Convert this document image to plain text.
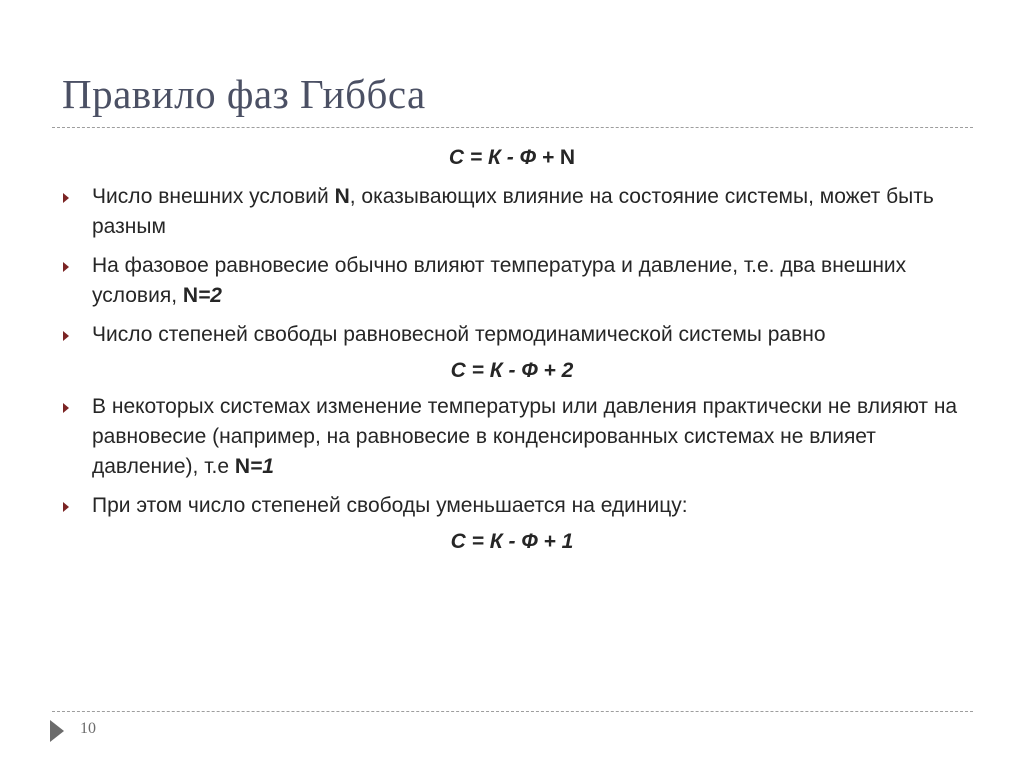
Правило фаз Гиббса
С = К - Ф + N
Число внешних условий N, оказывающих влияние на состояние системы, может быть разным
На фазовое равновесие обычно влияют температура и давление, т.е. два внешних условия, N=2
Число степеней свободы равновесной термодинамической системы равно
С = К - Ф + 2
В некоторых системах изменение температуры или давления практически не влияют на равновесие (например, на равновесие в конденсированных системах не влияет давление), т.е N=1
При этом число степеней свободы уменьшается на единицу:
С = К - Ф + 1
10
